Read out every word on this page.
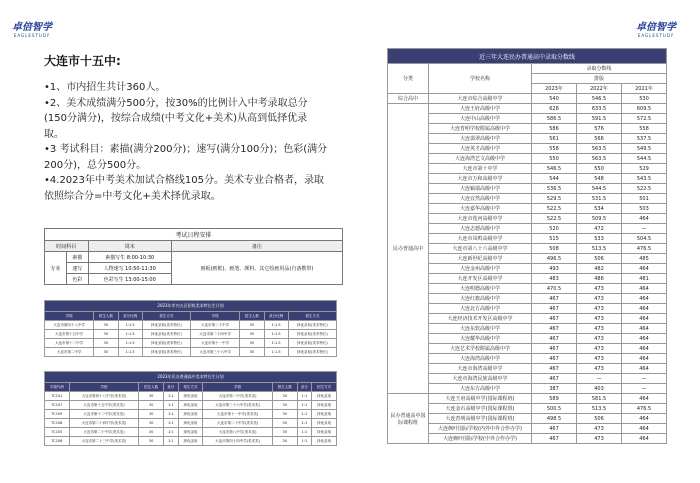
卓倍智学
EAGLESTUDY
卓倍智学
EAGLESTUDY
大连市十五中:
•1、市内招生共计360人。
•2、美术成绩满分500分，按30%的比例计入中考录取总分
(150分满分)，按综合成绩(中考文化+美术)从高到低择优录
取。
•3 考试科目：素描(满分200分)；速写(满分100分)；色彩(满分
200分)，总分500分。
•4.2023年中考美术加试合格线105分。美术专业合格者，录取
依照综合分=中考文化+美术择优录取。
考试日程安排			
时间科目		周末	备注
专业	素描	素描写生 8:00-10:30	画板(画框)、画笔、颜料、其它绘画用品(自备携带)
	速写	人物速写 10:50-11:30	
	色彩	色彩写生 13:00-15:00	
2023年市内五区招收美术特长生计划							
学校	招生人数	录分比例	招生方式	学校	招生人数	录分比例	招生方式
大连市第四十八中学	30	1:1.5	择优录取(美术特长)	大连市第二十中学	30	1:1.5	择优录取(美术特长)
大连市第十五中学	30	1:1.5	择优录取(美术特长)	大连市第二十四中学	30	1:1.5	择优录取(美术特长)
大连市第十二中学	30	1:1.5	择优录取(美术特长)	大连市第十一中学	30	1:1.5	择优录取(美术特长)
大连市第二中学	30	1:1.5	择优录取(美术特长)	大连市第三十六中学	30	1:1.5	择优录取(美术特长)
2023年民办普通高中美术特长生计划								
学校代码	学校	招生人数	录分	招生方式	学校	招生人数	录分	招生方式
TC101	大连市第四十八中学(美术类)	30	1:1	择优录取	大连市第二中学(美术类)	30	1:1	择优录取
TC107	大连市第十五中学(美术类)	30	1:1	择优录取	大连市第三十六中学(美术类)	30	1:1	择优录取
TC109	大连市第十二中学(美术类)	30	1:1	择优录取	大连市第十一中学(美术类)	30	1:1	择优录取
TC108	大连市第二十四中学(美术类)	30	1:1	择优录取	大连市第二十中学(美术类)	30	1:1	择优录取
TC105	大连市第二十中学(美术类)	30	1:1	择优录取	大连市第八中学(美术类)	30	1:1	择优录取
TC106	大连市第二十三中学(美术类)	30	1:1	择优录取	大连市第四十四中学(美术类)	30	1:1	择优录取
近三年大连民办普通高中录取分数线				
分类	学校名称	录取分数线		
		排版		
		2023年	2022年	2021年
综合高中	大连市综合高级中学	540	546.5	530
民办普通高中	大连王府高级中学	628	633.5	609.5
	大连中山高级中学	586.5	591.5	572.5
	大连育明学校附属高级中学	586	576	558
	大连翡翠高级中学	561	566	537.5
	大连英才高级中学	558	563.5	549.5
	大连海湾艺文高级中学	550	563.5	544.5
	大连市第十中学	546.5	550	529
	大连市万和高级中学	544	548	543.5
	大连颖端高级中学	536.5	544.5	522.5
	大连宜然高级中学	529.5	531.5	501
	大连嘉华高级中学	522.5	534	503
	大连市莲河高级中学	522.5	509.5	464
	大连志德高级中学	520	472	—
	大连市凤鸣高级中学	515	533	504.5
	大连市第八十六高级中学	508	513.5	476.5
	大连新世纪高级中学	496.5	506	485
	大连金州高级中学	493	482	464
	大连开发区高级中学	483	486	481
	大连明德高级中学	470.5	473	464
	大连红旗高级中学	467	473	464
	大连北方高级中学	467	473	464
	大连经济技术开发区高级中学	467	473	464
	大连东软高级中学	467	473	464
	大连耀华高级中学	467	473	464
	大连艺术学校附属高级中学	467	473	464
	大连海湾高级中学	467	473	464
	大连市海湾高级中学	467	473	464
	大连市海湾民族高级中学	467	—	—
	大连东方高级中学	387	403	—
民办普通高中国际课程班	大连王府高级中学(国际课程班)	589	581.5	464
	大连金石高级中学(国际课程班)	500.5	513.5	476.5
	大连育明高级中学(国际课程班)	498.5	506	464
	大连枫叶国际学校(内外中外合作办学)	467	473	464
	大连枫叶国际学校(中外合作办学)	467	473	464
